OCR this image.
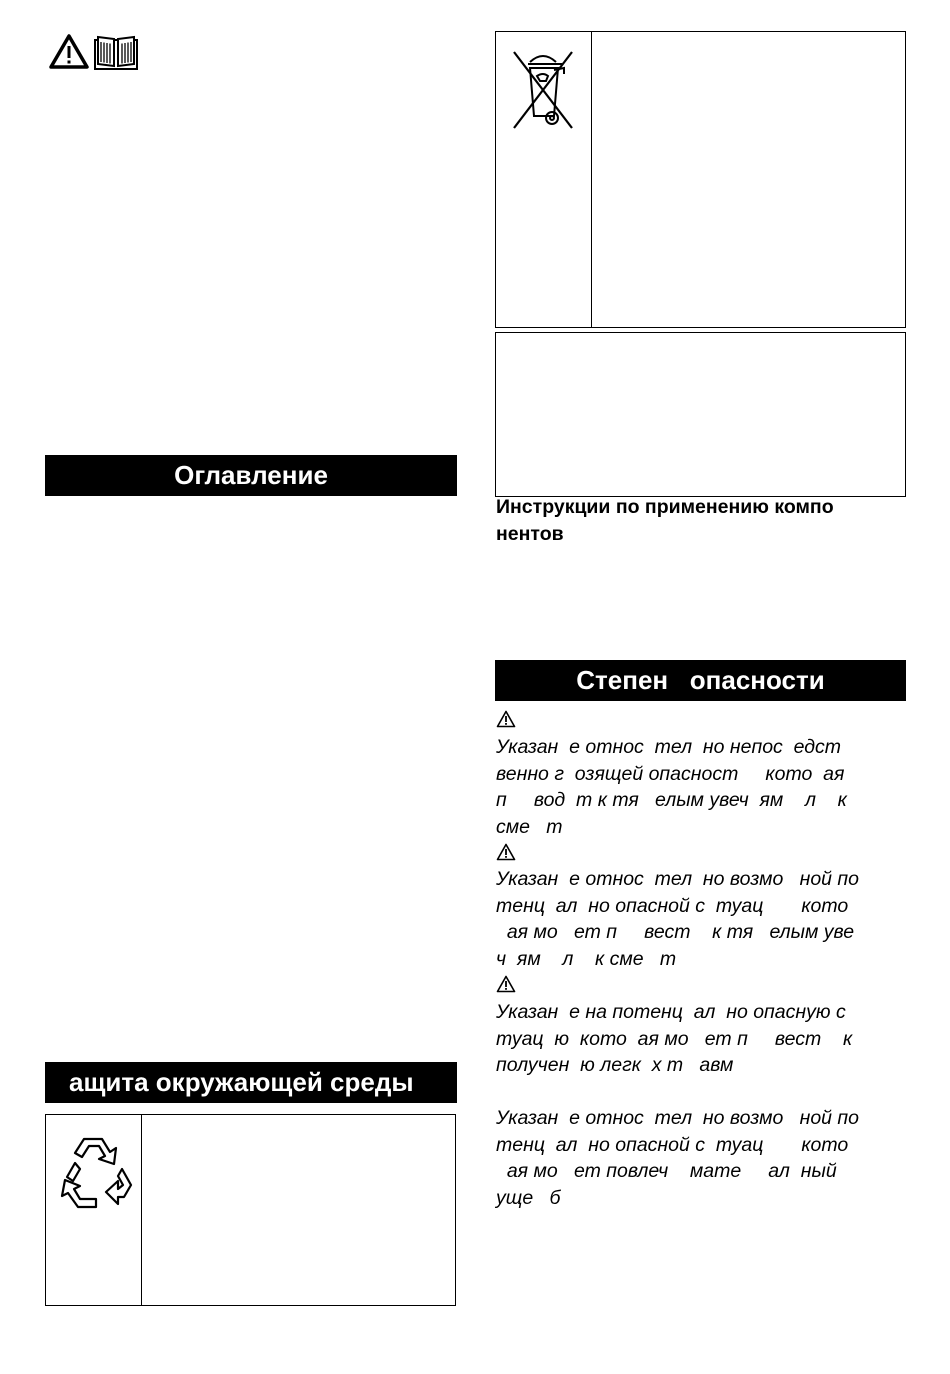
Оглавление
ащита окружающей среды
Инструкции по применению компо
нентов
Степен   опасности
Указан  е относ  тел  но непос  едст
венно г  озящей опасност     кото  ая
п     вод  т к тя   елым увеч  ям    л    к
сме   т
Указан  е относ  тел  но возмо   ной по
тенц  ал  но опасной с  туац       кото
ая мо   ет п     вест    к тя   елым уве
ч  ям    л    к сме   т
Указан  е на потенц  ал  но опасную с
туац  ю  кото  ая мо   ет п     вест    к
получен  ю легк  х т   авм
Указан  е относ  тел  но возмо   ной по
тенц  ал  но опасной с  туац       кото
ая мо   ет повлеч    мате     ал  ный
уще   б
